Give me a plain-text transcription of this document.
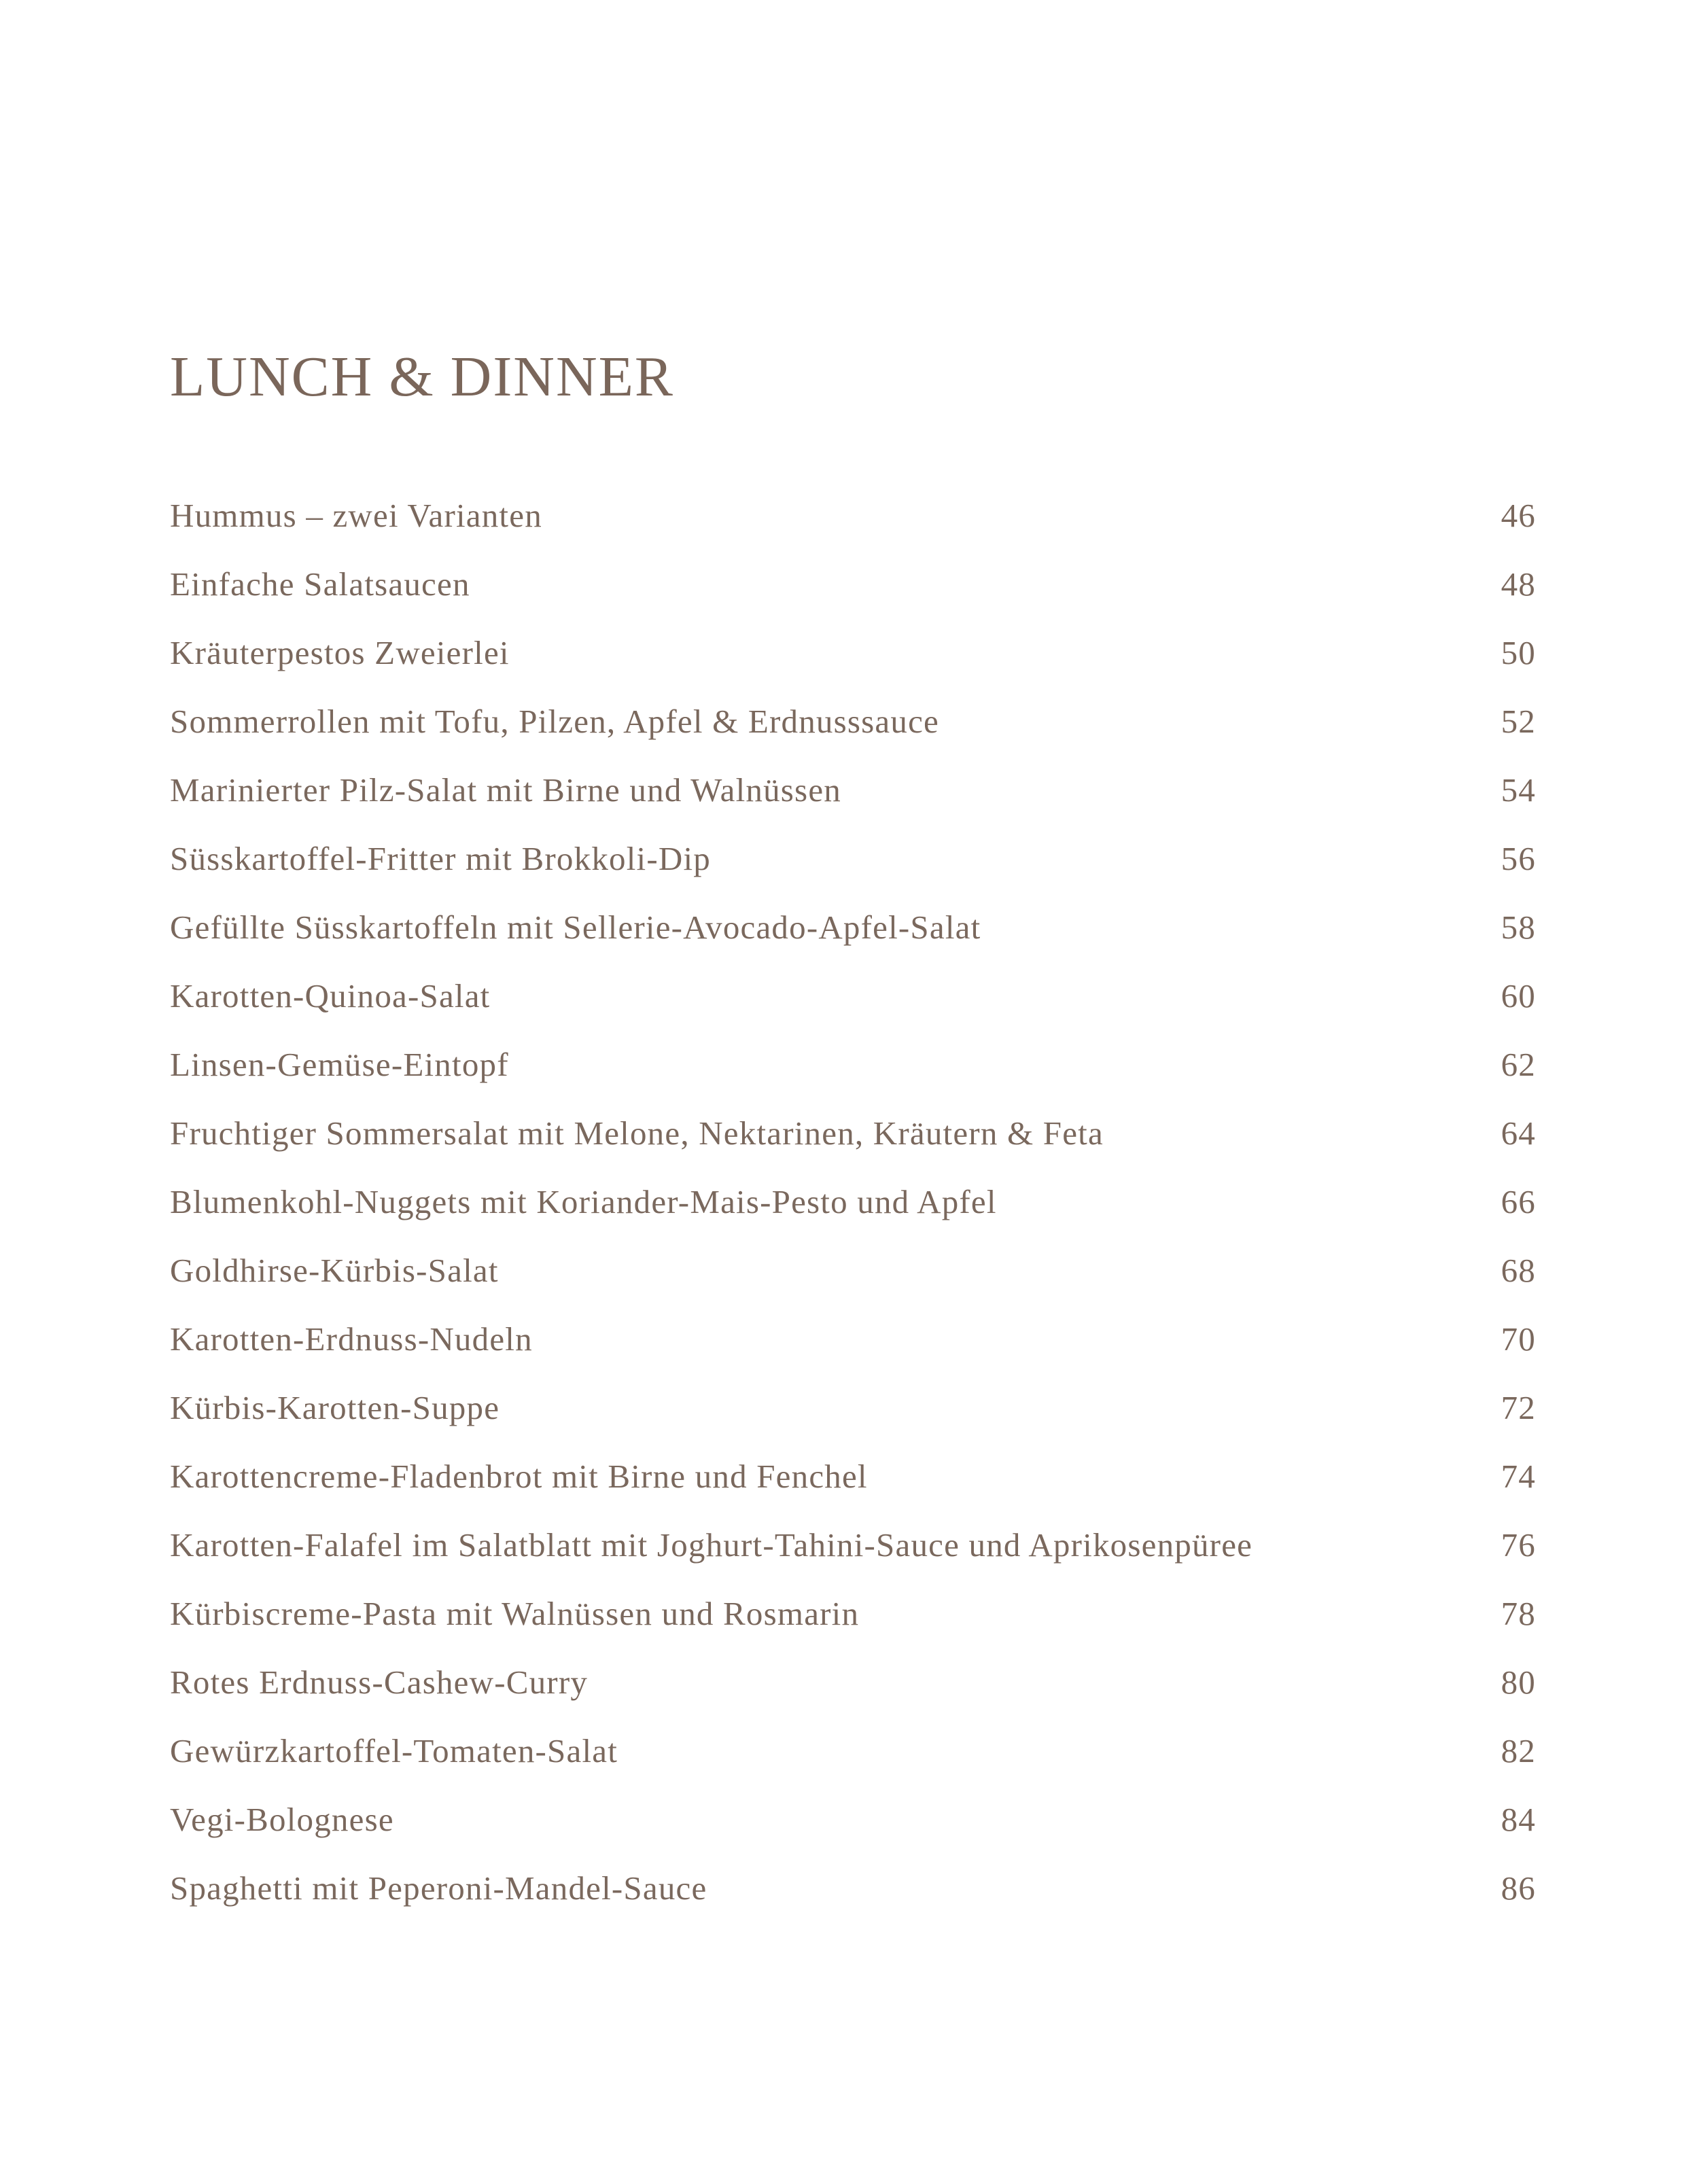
LUNCH & DINNER
Hummus – zwei Varianten	46
Einfache Salatsaucen	48
Kräuterpestos Zweierlei	50
Sommerrollen mit Tofu, Pilzen, Apfel & Erdnusssauce	52
Marinierter Pilz-Salat mit Birne und Walnüssen	54
Süsskartoffel-Fritter mit Brokkoli-Dip	56
Gefüllte Süsskartoffeln mit Sellerie-Avocado-Apfel-Salat	58
Karotten-Quinoa-Salat	60
Linsen-Gemüse-Eintopf	62
Fruchtiger Sommersalat mit Melone, Nektarinen, Kräutern & Feta	64
Blumenkohl-Nuggets mit Koriander-Mais-Pesto und Apfel	66
Goldhirse-Kürbis-Salat	68
Karotten-Erdnuss-Nudeln	70
Kürbis-Karotten-Suppe	72
Karottencreme-Fladenbrot mit Birne und Fenchel	74
Karotten-Falafel im Salatblatt mit Joghurt-Tahini-Sauce und Aprikosenpüree	76
Kürbiscreme-Pasta mit Walnüssen und Rosmarin	78
Rotes Erdnuss-Cashew-Curry	80
Gewürzkartoffel-Tomaten-Salat	82
Vegi-Bolognese	84
Spaghetti mit Peperoni-Mandel-Sauce	86
